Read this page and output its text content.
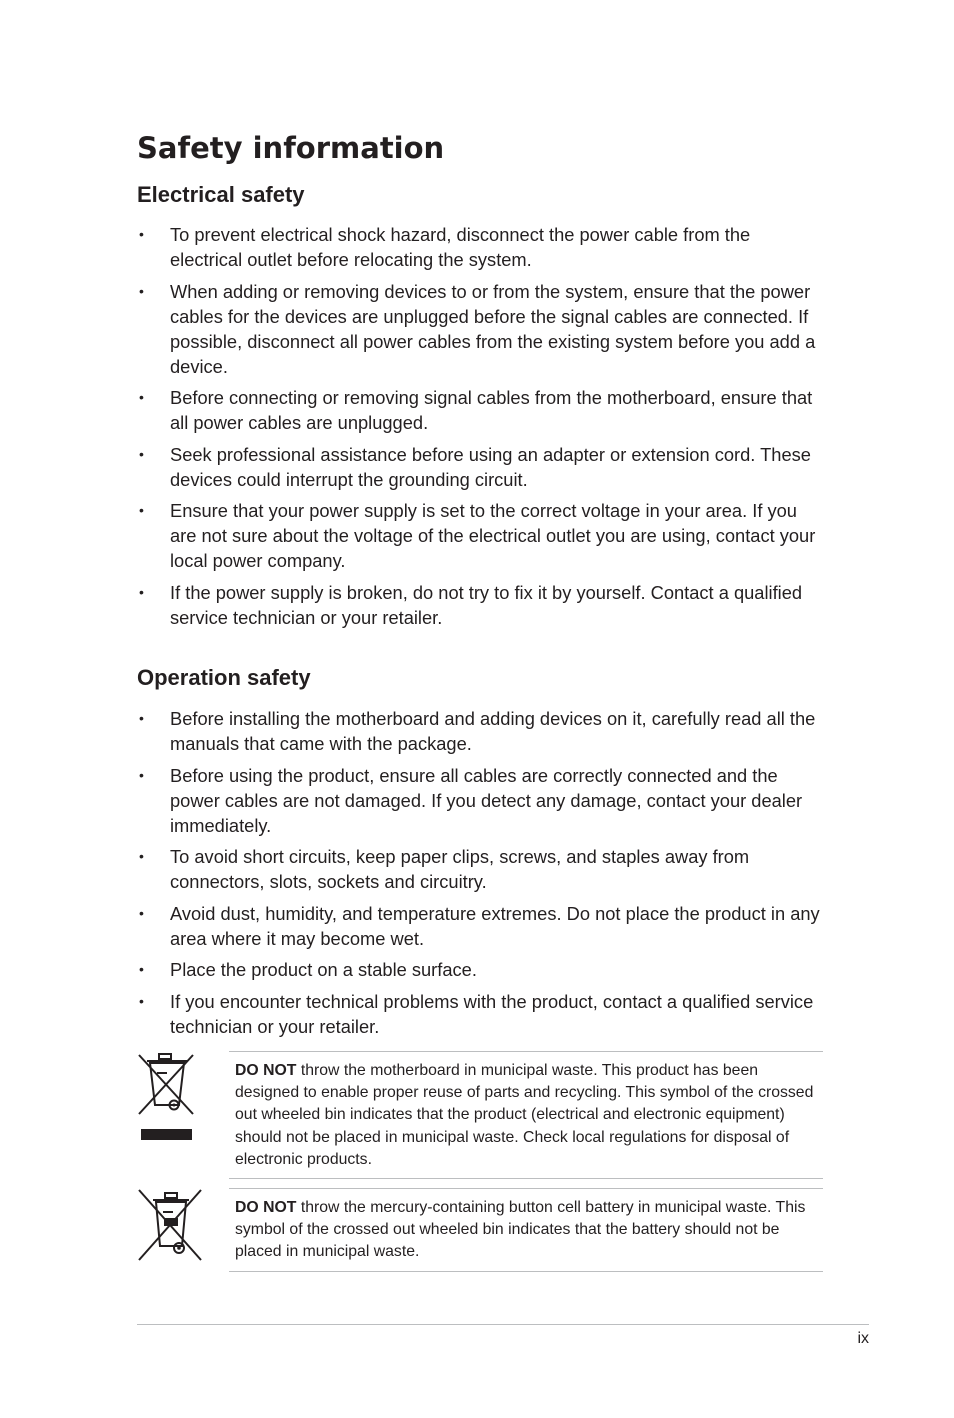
Safety information
Electrical safety
• To prevent electrical shock hazard, disconnect the power cable from the electrical outlet before relocating the system.
• When adding or removing devices to or from the system, ensure that the power cables for the devices are unplugged before the signal cables are connected. If possible, disconnect all power cables from the existing system before you add a device.
• Before connecting or removing signal cables from the motherboard, ensure that all power cables are unplugged.
• Seek professional assistance before using an adapter or extension cord. These devices could interrupt the grounding circuit.
• Ensure that your power supply is set to the correct voltage in your area. If you are not sure about the voltage of the electrical outlet you are using, contact your local power company.
• If the power supply is broken, do not try to fix it by yourself. Contact a qualified service technician or your retailer.
Operation safety
• Before installing the motherboard and adding devices on it, carefully read all the manuals that came with the package.
• Before using the product, ensure all cables are correctly connected and the power cables are not damaged. If you detect any damage, contact your dealer immediately.
• To avoid short circuits, keep paper clips, screws, and staples away from connectors, slots, sockets and circuitry.
• Avoid dust, humidity, and temperature extremes. Do not place the product in any area where it may become wet.
• Place the product on a stable surface.
• If you encounter technical problems with the product, contact a qualified service technician or your retailer.
DO NOT throw the motherboard in municipal waste. This product has been designed to enable proper reuse of parts and recycling. This symbol of the crossed out wheeled bin indicates that the product (electrical and electronic equipment) should not be placed in municipal waste. Check local regulations for disposal of electronic products.
DO NOT throw the mercury-containing button cell battery in municipal waste. This symbol of the crossed out wheeled bin indicates that the battery should not be placed in municipal waste.
ix
